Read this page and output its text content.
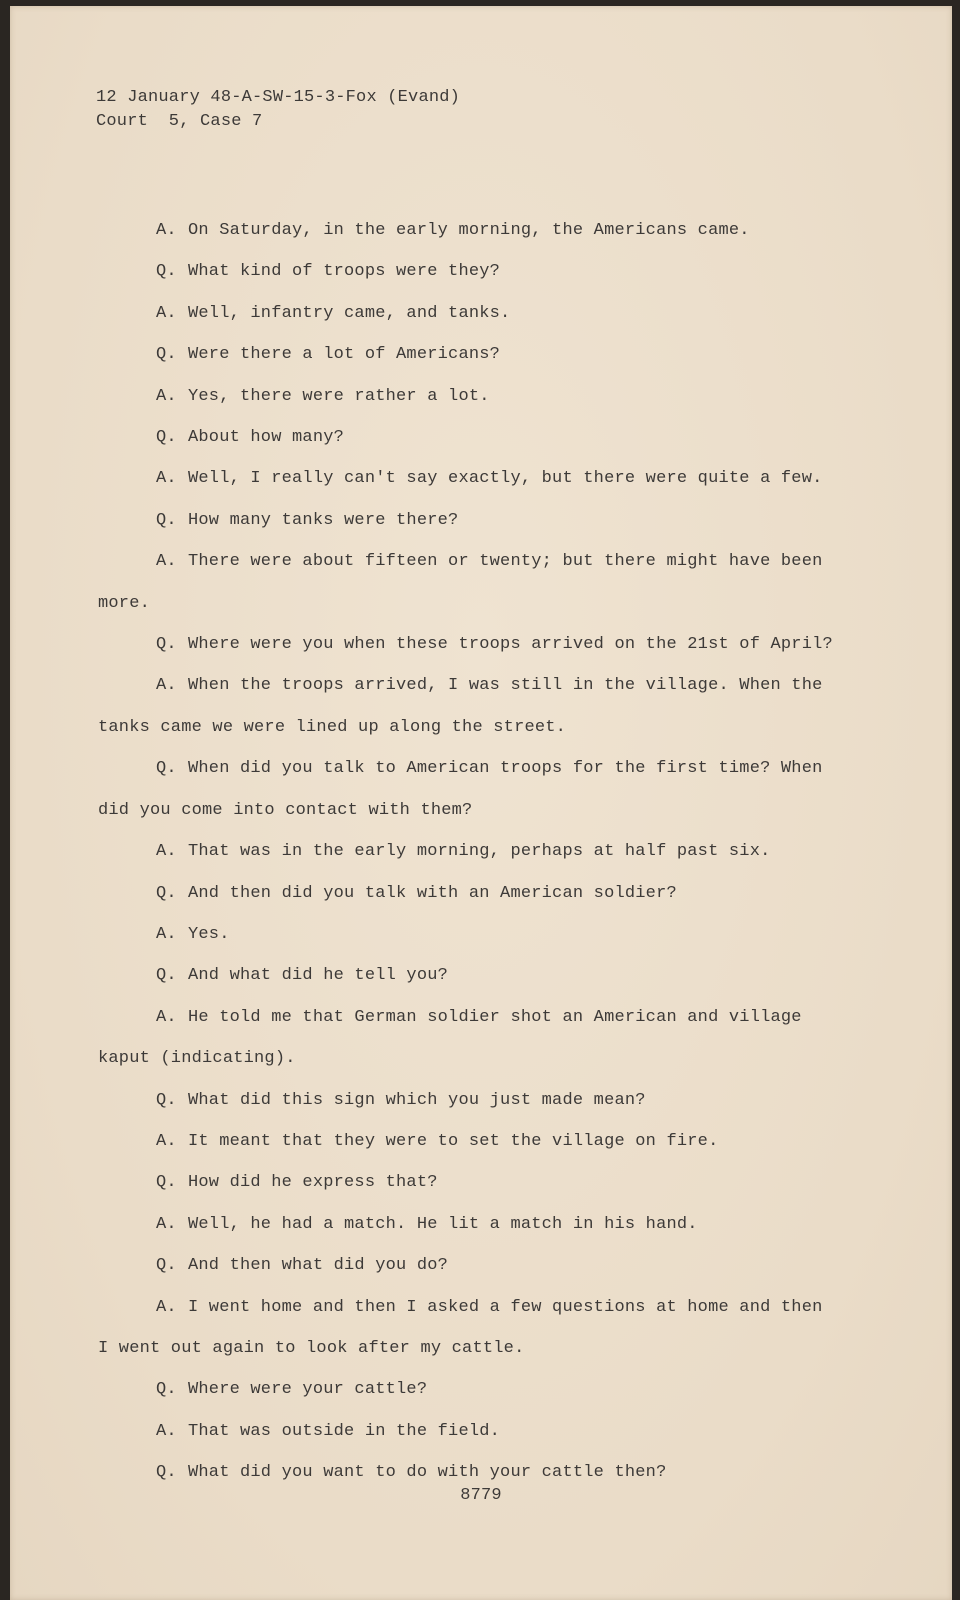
12 January 48-A-SW-15-3-Fox (Evand)
Court  5, Case 7

A. On Saturday, in the early morning, the Americans came.

Q. What kind of troops were they?

A. Well, infantry came, and tanks.

Q. Were there a lot of Americans?

A. Yes, there were rather a lot.

Q. About how many?

A. Well, I really can't say exactly, but there were quite a few.

Q. How many tanks were there?

A. There were about fifteen or twenty; but there might have been more.

Q. Where were you when these troops arrived on the 21st of April?

A. When the troops arrived, I was still in the village. When the tanks came we were lined up along the street.

Q. When did you talk to American troops for the first time? When did you come into contact with them?

A. That was in the early morning, perhaps at half past six.

Q. And then did you talk with an American soldier?

A. Yes.

Q. And what did he tell you?

A. He told me that German soldier shot an American and village kaput (indicating).

Q. What did this sign which you just made mean?

A. It meant that they were to set the village on fire.

Q. How did he express that?

A. Well, he had a match. He lit a match in his hand.

Q. And then what did you do?

A. I went home and then I asked a few questions at home and then I went out again to look after my cattle.

Q. Where were your cattle?

A. That was outside in the field.

Q. What did you want to do with your cattle then?

8779
